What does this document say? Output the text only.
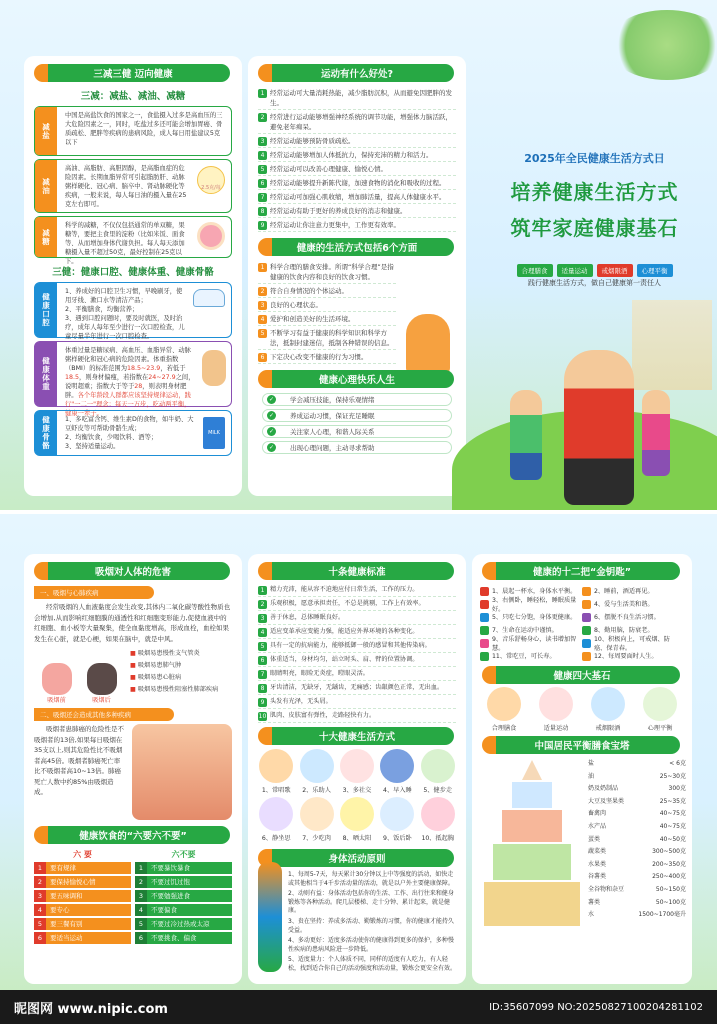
三减三健 迈向健康
三减：减盐、减油、减糖
减盐
中国是高盐饮食的国家之一，食盐摄入过多是高血压的三大危险因素之一，同时，吃盐过多还可能会增加胃癌、骨质疏松、肥胖等疾病的患病风险，成人每日用盐建议5克以下
减油
高油、高脂肪、高胆固醇，是高脂血症的危险因素。长期血脂异常可引起脂肪肝、动脉粥样硬化、冠心病、脑卒中、肾动脉硬化等疾病，一般来说，每人每日油的摄入量在25克左右即可。
2.5克/每
减糖
科学的减糖，不仅仅包括通常的单双糖，果糖等，要把主食里的淀粉（比如米饭、面食等、从而增加身体代谢负担。每人每天添加糖摄入量不超过50克，最好控制在25克以下。
三健：健康口腔、健康体重、健康骨骼
健康口腔
1、养成好的口腔卫生习惯，早晚刷牙，使用牙线、漱口水等清洁产品；
2、平衡膳食，均衡营养；
3、遇到口腔问题时，要及时就医，及时治疗，成年人每年至少进行一次口腔检查，儿童尽量半年进行一次口腔检查。
健康体重
体重过量是糖尿病、高血压、血脂异常、动脉粥样硬化和冠心病的危险因素。体重指数（BMI）的标准范围为18.5~23.9，若低于18.5，则身材偏瘦，若指数在24~27.9之间，说明超重；指数大于等于28，则表明身材肥胖。各个年龄段人群都应该坚持规律运动，践行"一二一"理念：每天一万步，吃动两平衡，健康一辈子。
健康骨骼	1、多吃富含钙、维生素D的食物，如牛奶、大豆虾皮等可帮助骨骼生成；
2、均衡饮食，少喝饮料、酒等；
3、坚持适量运动。
MILK
运动有什么好处?
1 经常运动可大量消耗热能，减少脂肪沉积，从而避免因肥胖的发生。
2 经常进行运动能够增强神经系统的调节功能，增强体力脑活跃，避免老年痴呆。
3 经常运动能够预防骨质疏松。
4 经常运动能够增加人体抵抗力，保持充沛的精力和活力。
5 经常运动可以改善心理健康、愉悦心情。
6 经常运动能够提升新陈代谢，加速食物的消化和吸收的过程。
7 经常运动可加强心肌收缩，增加肺活量，提高人体健康水平。
8 经常运动有助于更好的养成良好的消志和健康。
9 经常运动让你注意力更集中，工作更有效率。
健康的生活方式包括6个方面
1 科学合理的膳食安排。所谓“科学合理”是指健康的饮食内容和良好的饮食习惯。
2 符合自身情况的个体运动。
3 良好的心理状态。
4 爱护和创造美好的生活环境。
5 不断学习有益于健康的科学知识和科学方法，抵制封建迷信，抵制各种错误的信息。
6 下定决心改变不健康的行为习惯。
健康心理快乐人生
✓	学会减压技能，保持乐观情绪
✓	养成运动习惯，保证充足睡眠
✓	关注家人心理，和谐人际关系
✓	出现心理问题，主动寻求帮助
2025年全民健康生活方式日
培养健康生活方式
筑牢家庭健康基石
合理膳食 适量运动 戒烟限酒 心理平衡
践行健康生活方式，做自己健康第一责任人
吸烟对人体的危害
一、吸烟与心肺疾病
经常吸烟的人血液黏度会发生改变,其体内二氧化碳等酸性物质也会增加,从而影响红细胞膜的通透性和红细胞变形能力,促使血液中的红细胞、血小板等大量聚集，使全血黏度增高，形成血栓，血栓如果发生在心脏，就是心梗，如果在脑中，就是中风。
吸烟前	吸烟后
■ 吸烟易患慢性支气管炎
■ 吸烟易患肺气肿
■ 吸烟易患心脏病
■ 吸烟易患慢性阻塞性肺部疾病
二、吸烟还会造成其他多种疾病
吸烟者患肺癌的危险性是不吸烟者的13倍,如果每日吸烟在35支以上,则其危险性比不吸烟者高45倍。吸烟者肺癌死亡率比不吸烟者高10~13倍。肺癌死亡人数中约85%由吸烟造成。
健康饮食的“六要六不要”
六 要
1	要有规律
2	要保持愉悦心情
3	要五味调和
4	要专心
5	要三餐有别
6	要适当运动
六不要
1	不要暴饮暴食
2	不要过饥过饱
3	不要勉强进食
4	不要偏食
5	不要过冷过热或太凉
6	不要挑食、偏食
十条健康标准
1 精力充沛，能从容不迫地应付日常生活，工作的压力。
2 乐观积极，愿意承担责任，不总是挑剔，工作上有效率。
3 善于休息，总体睡眠良好。
4 适应变革承应变能力强，能适应外界环境的各种变化。
5 具有一定的抗病能力，能够抵御一般的感冒和其他传染病。
6 体重适当，身材均匀，站立时头、肩、臂的位置协调。
7 眼睛明亮，眼睑无炎症，瞪眼灵活。
8 牙齿清洁，无缺牙，无龋齿，无痛感；齿龈颜色正常，无出血。
9 头发有光泽，无头屑。
10 肌肉、皮肤富有弹性，走路轻快有力。
十大健康生活方式
1、常唱歌 2、乐助人 3、多社交 4、早入睡 5、健步走
6、静坐思 7、少吃肉 8、晒太阳 9、饭后卧 10、抵起胸
身体活动原则
1、每周5-7天，每天累计30分钟以上中等强度的活动，如快走或其他相当于4千步活动量的活动，就是以户外主要健康保障。
2、动则有益：身体活动包括你的生活、工作、出行往来和健身锻炼等各种活动。爬几层楼梯、走十分钟、累计起来，就是健康。
3、贵在坚持：养成多活动、勤锻炼的习惯，你的健康才能持久受益。
4、多动更好：适度多活动使你的健康得到更多的保护，多种慢性疾病的患病风险进一步降低。
5、适度量力：个人体质不同，同样的适度有人吃力，有人轻松，找到适合你自己的活动强度和活动量，锻炼会更安全有效。
健康的十二把“金钥匙”
1、晨起一杯水，身体水平衡。	2、睡前，酒适再见。
3、右侧卧，睡轻松，睡眠质量好。
4、爱与生活美和谐。
5、只吃七分饱，身体更健康。	6、摆脱不良生活习惯。
7、生命在运动中谨慎。	8、勤用脑，防衰老。
9、音乐舒畅身心，读书增加智慧。
10、积极向上，可戒烟、防癌、保青春。
11、常吃豆，可长寿。	12、每周要面时人生。
健康四大基石
合理膳食	适量运动	戒烟限酒	心理平衡
中国居民平衡膳食宝塔
盐	< 6克
油	25~30克
奶及奶制品	300克
大豆及坚果类	25~35克
畜禽肉	40~75克
水产品	40~75克
蛋类	40~50克
蔬菜类	300~500克
水果类	200~350克
谷薯类	250~400克
全谷物和杂豆	50~150克
薯类	50~100克
水	1500~1700毫升
昵图网 www.nipic.com	ID:35607099 NO:20250827100204281102
